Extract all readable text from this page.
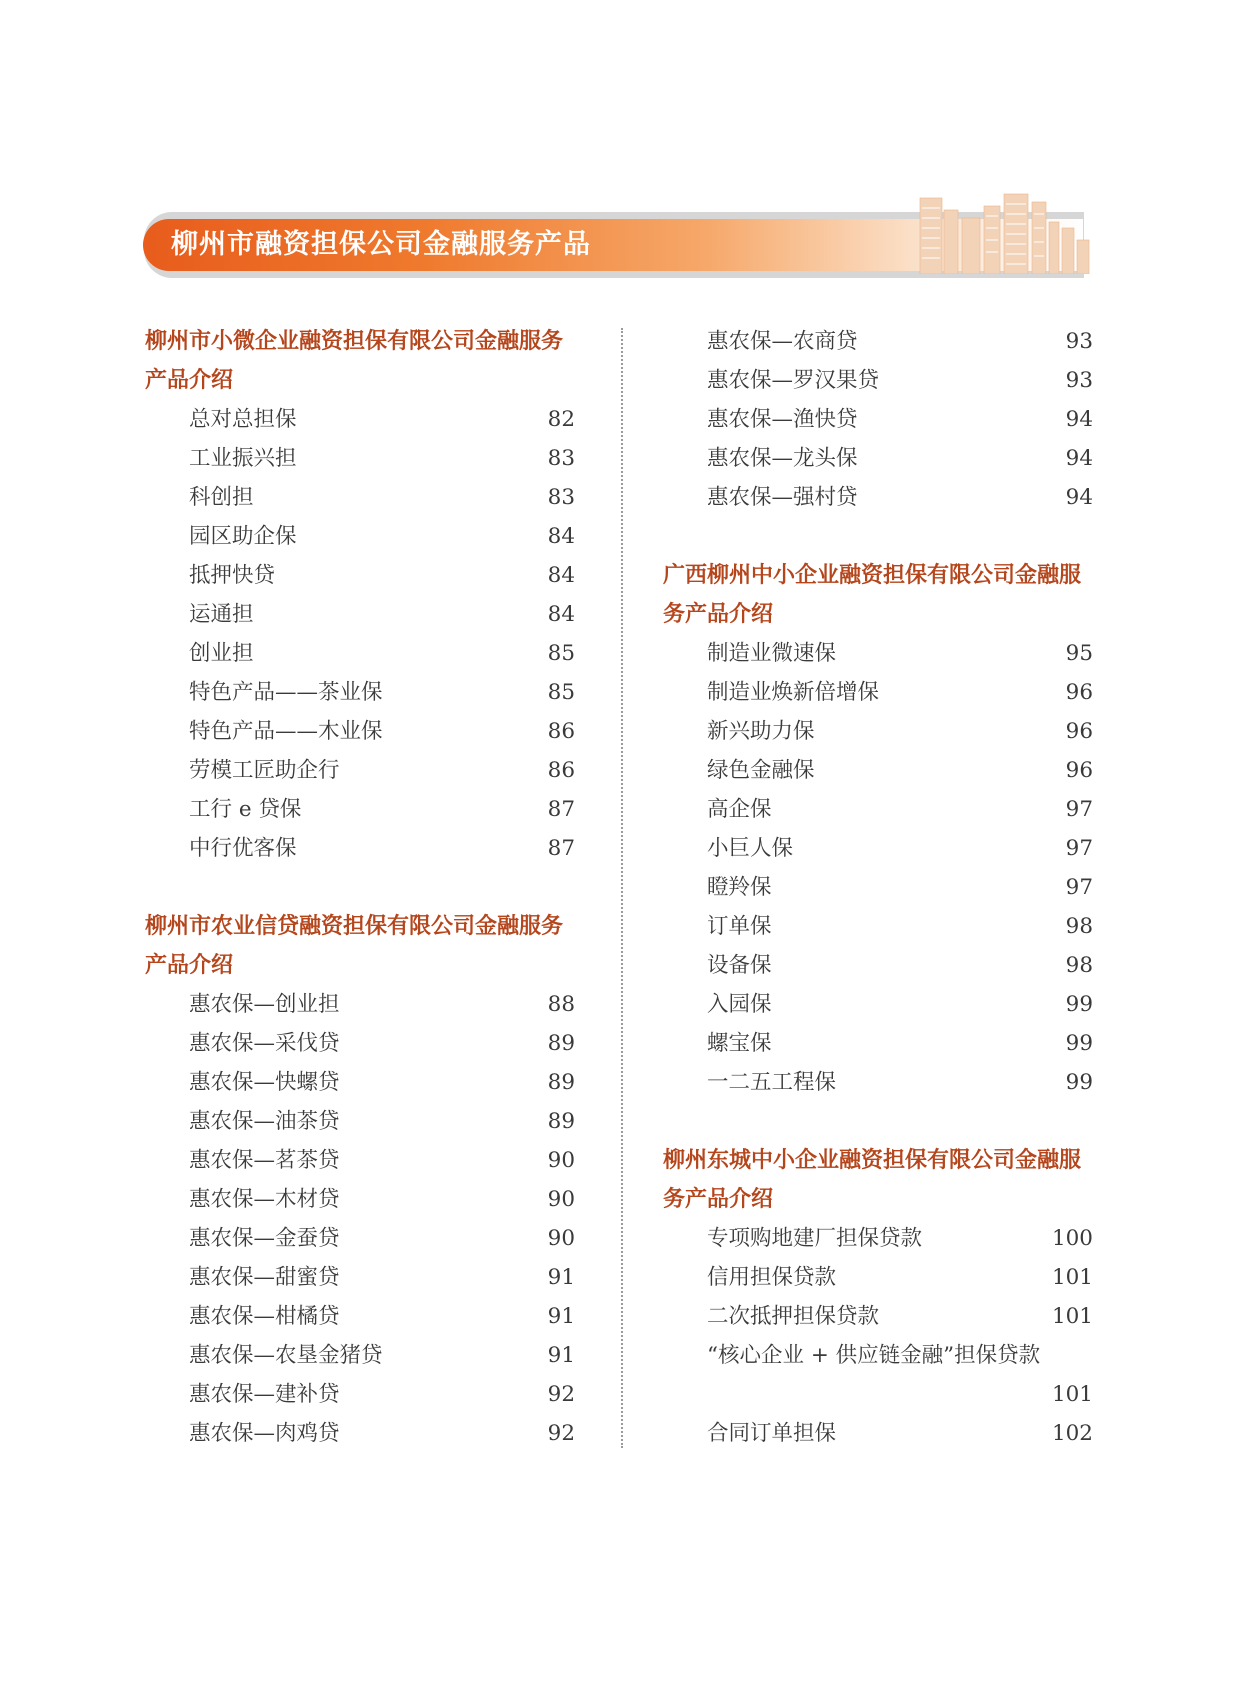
柳州市融资担保公司金融服务产品
柳州市小微企业融资担保有限公司金融服务
产品介绍
总对总担保	82
工业振兴担	83
科创担	83
园区助企保	84
抵押快贷	84
运通担	84
创业担	85
特色产品——茶业保	85
特色产品——木业保	86
劳模工匠助企行	86
工行 e 贷保	87
中行优客保	87
柳州市农业信贷融资担保有限公司金融服务
产品介绍
惠农保—创业担	88
惠农保—采伐贷	89
惠农保—快螺贷	89
惠农保—油茶贷	89
惠农保—茗茶贷	90
惠农保—木材贷	90
惠农保—金蚕贷	90
惠农保—甜蜜贷	91
惠农保—柑橘贷	91
惠农保—农垦金猪贷	91
惠农保—建补贷	92
惠农保—肉鸡贷	92
惠农保—农商贷	93
惠农保—罗汉果贷	93
惠农保—渔快贷	94
惠农保—龙头保	94
惠农保—强村贷	94
广西柳州中小企业融资担保有限公司金融服
务产品介绍
制造业微速保	95
制造业焕新倍增保	96
新兴助力保	96
绿色金融保	96
高企保	97
小巨人保	97
瞪羚保	97
订单保	98
设备保	98
入园保	99
螺宝保	99
一二五工程保	99
柳州东城中小企业融资担保有限公司金融服
务产品介绍
专项购地建厂担保贷款	100
信用担保贷款	101
二次抵押担保贷款	101
“核心企业 + 供应链金融”担保贷款
101
合同订单担保	102
